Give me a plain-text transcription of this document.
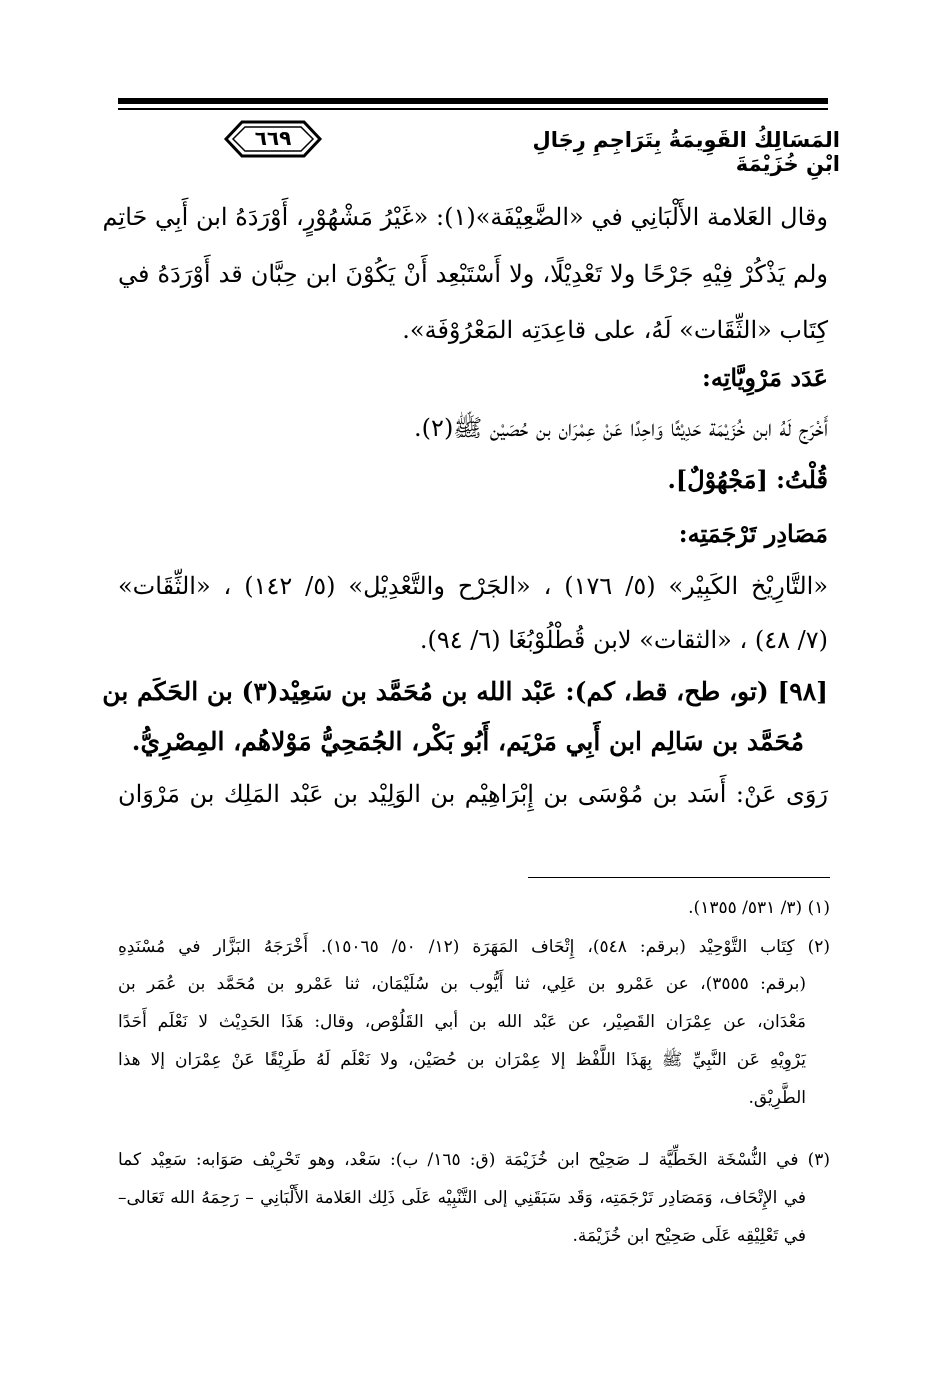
المَسَالِكُ القَوِيمَةُ بِتَرَاجِمِ رِجَالِ ابْنِ خُزَيْمَةَ
٦٦٩
وقال العَلامة الأَلْبَانِي في «الضَّعِيْفَة»(١): «غَيْرُ مَشْهُوْرٍ، أَوْرَدَهُ ابن أَبِي حَاتِم
ولم يَذْكُرْ فِيْهِ جَرْحًا ولا تَعْدِيْلًا، ولا أَسْتَبْعِد أَنْ يَكُوْنَ ابن حِبَّان قد أَوْرَدَهُ في
كِتَاب «الثِّقَات» لَهُ، على قاعِدَتِه المَعْرُوْفَة».
عَدَد مَرْوِيَّاتِه:
أَخْرَج لَهُ ابن خُزَيْمَة حَدِيْثًا وَاحِدًا عَنْ عِمْرَان بن حُصَيْن ﷺ(٢).
قُلْتُ: [مَجْهُوْلٌ].
مَصَادِر تَرْجَمَتِه:
«التَّارِيْخ الكَبِيْر» (٥/ ١٧٦) ، «الجَرْح والتَّعْدِيْل» (٥/ ١٤٢) ، «الثِّقَات»
(٧/ ٤٨) ، «الثقات» لابن قُطْلُوْبُغَا (٦/ ٩٤).
[٩٨] (تو، طح، قط، كم): عَبْد الله بن مُحَمَّد بن سَعِيْد(٣) بن الحَكَم بن
مُحَمَّد بن سَالِم ابن أَبِي مَرْيَم، أَبُو بَكْر، الجُمَحِيُّ مَوْلاهُم، المِصْرِيُّ.
رَوَى عَنْ: أَسَد بن مُوْسَى بن إِبْرَاهِيْم بن الوَلِيْد بن عَبْد المَلِك بن مَرْوَان
(١) (٣/ ٥٣١/ ١٣٥٥).
(٢) كِتَاب التَّوْحِيْد (برقم: ٥٤٨)، إِتْحَاف المَهَرَة (١٢/ ٥٠/ ١٥٠٦٥). أَخْرَجَهُ البَزَّار في مُسْنَدِهِ
(برقم: ٣٥٥٥)، عن عَمْرو بن عَلِي، ثنا أَيُّوب بن سُلَيْمَان، ثنا عَمْرو بن مُحَمَّد بن عُمَر بن
مَعْدَان، عن عِمْرَان القَصِيْر، عن عَبْد الله بن أبي القَلُوْص، وقال: هَذَا الحَدِيْث لا نَعْلَم أَحَدًا
يَرْوِيْهِ عَن النَّبِيِّ ﷺ بِهَذَا اللَّفْظ إلا عِمْرَان بن حُصَيْن، ولا نَعْلَم لَهُ طَرِيْقًا عَنْ عِمْرَان إلا هذا
الطَّرِيْق.
(٣) في النُّسْخَة الخَطِّيَّة لـ صَحِيْح ابن خُزَيْمَة (ق: ١٦٥/ ب): سَعْد، وهو تَحْرِيْف صَوَابه: سَعِيْد كما
في الإِتْحَاف، وَمَصَادِر تَرْجَمَتِه، وَقَد سَبَقَنِي إلى التَّنْبِيْه عَلَى ذَلِك العَلامة الأَلْبَانِي – رَحِمَهُ الله تَعَالى–
في تَعْلِيْقِه عَلَى صَحِيْح ابن خُزَيْمَة.
